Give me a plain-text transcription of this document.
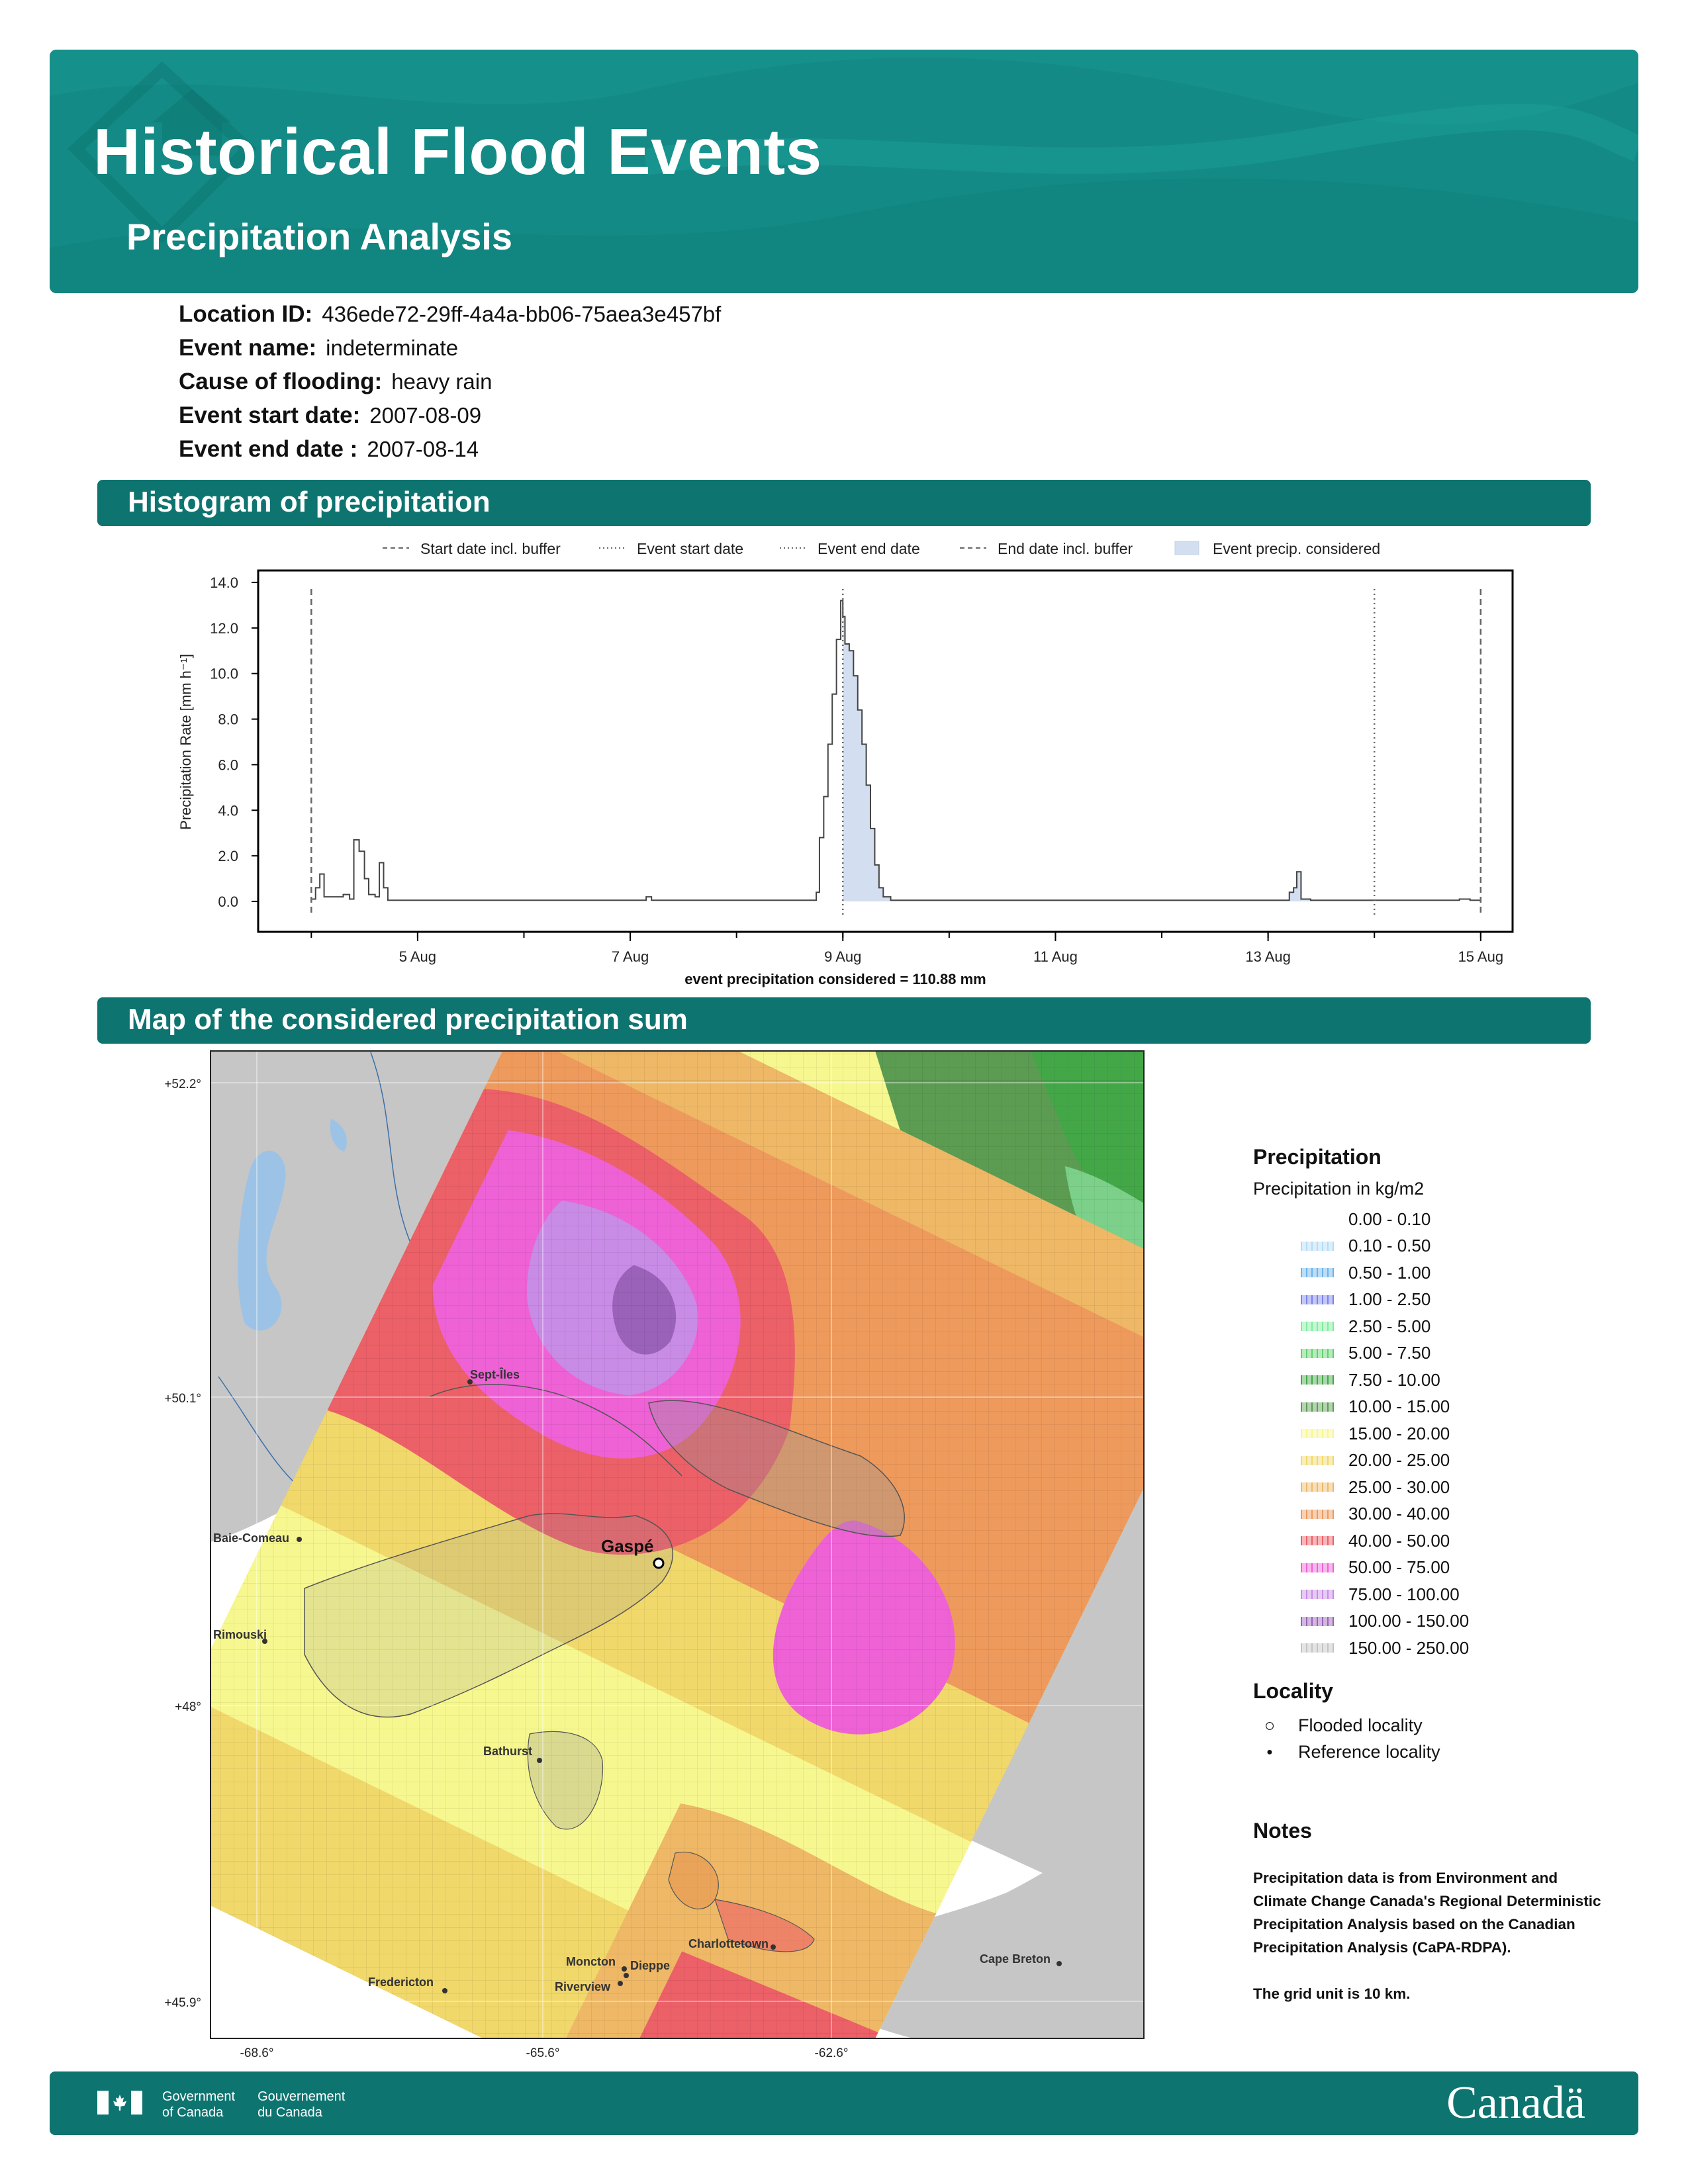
Historical Flood Events
Precipitation Analysis
Location ID: 436ede72-29ff-4a4a-bb06-75aea3e457bf
Event name: indeterminate
Cause of flooding: heavy rain
Event start date: 2007-08-09
Event end date : 2007-08-14
Histogram of precipitation
Start date incl. buffer	Event start date	Event end date	End date incl. buffer	Event precip. considered
0.0
2.0
4.0
6.0
8.0
10.0
12.0
14.0
Precipitation Rate [mm h⁻¹]
5 Aug	7 Aug	9 Aug	11 Aug	13 Aug	15 Aug
event precipitation considered = 110.88 mm
Map of the considered precipitation sum
+52.2°
+50.1°
+48°
+45.9°
-68.6°	-65.6°	-62.6°
Sept-Îles
Baie-Comeau
Rimouski
Gaspé
Bathurst
Charlottetown
Moncton Dieppe
Riverview
Fredericton
Cape Breton
Precipitation
Precipitation in kg/m2
0.00 - 0.10
0.10 - 0.50
0.50 - 1.00
1.00 - 2.50
2.50 - 5.00
5.00 - 7.50
7.50 - 10.00
10.00 - 15.00
15.00 - 20.00
20.00 - 25.00
25.00 - 30.00
30.00 - 40.00
40.00 - 50.00
50.00 - 75.00
75.00 - 100.00
100.00 - 150.00
150.00 - 250.00
Locality
○ Flooded locality
●	Reference locality
Notes
Precipitation data is from Environment and Climate Change Canada's Regional Deterministic Precipitation Analysis based on the Canadian Precipitation Analysis (CaPA-RDPA).
The grid unit is 10 km.
Government
of Canada
Gouvernement
du Canada	Canadä
